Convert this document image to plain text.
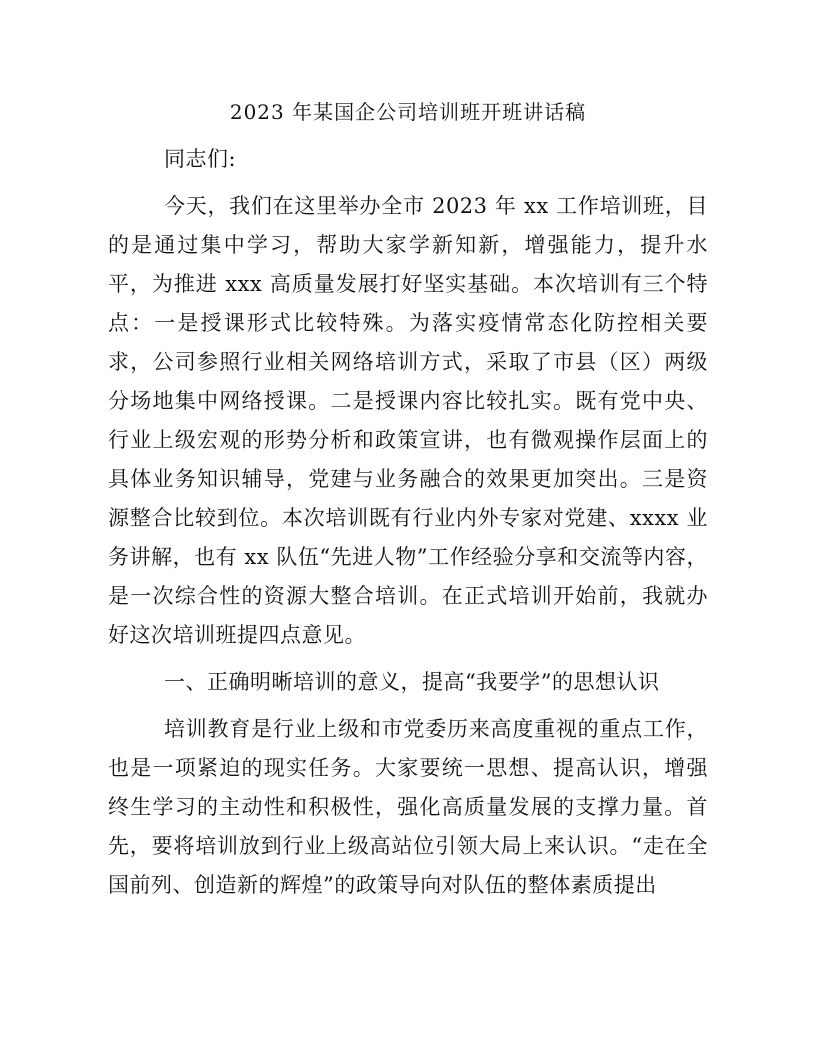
2023 年某国企公司培训班开班讲话稿

同志们:

今天，我们在这里举办全市 2023 年 xx 工作培训班，目的是通过集中学习，帮助大家学新知新，增强能力，提升水平，为推进 xxx 高质量发展打好坚实基础。本次培训有三个特点：一是授课形式比较特殊。为落实疫情常态化防控相关要求，公司参照行业相关网络培训方式，采取了市县（区）两级分场地集中网络授课。二是授课内容比较扎实。既有党中央、行业上级宏观的形势分析和政策宣讲，也有微观操作层面上的具体业务知识辅导，党建与业务融合的效果更加突出。三是资源整合比较到位。本次培训既有行业内外专家对党建、xxxx 业务讲解，也有 xx 队伍“先进人物”工作经验分享和交流等内容，是一次综合性的资源大整合培训。在正式培训开始前，我就办好这次培训班提四点意见。

一、正确明晰培训的意义，提高“我要学”的思想认识

培训教育是行业上级和市党委历来高度重视的重点工作，也是一项紧迫的现实任务。大家要统一思想、提高认识，增强终生学习的主动性和积极性，强化高质量发展的支撑力量。首先，要将培训放到行业上级高站位引领大局上来认识。“走在全国前列、创造新的辉煌”的政策导向对队伍的整体素质提出
